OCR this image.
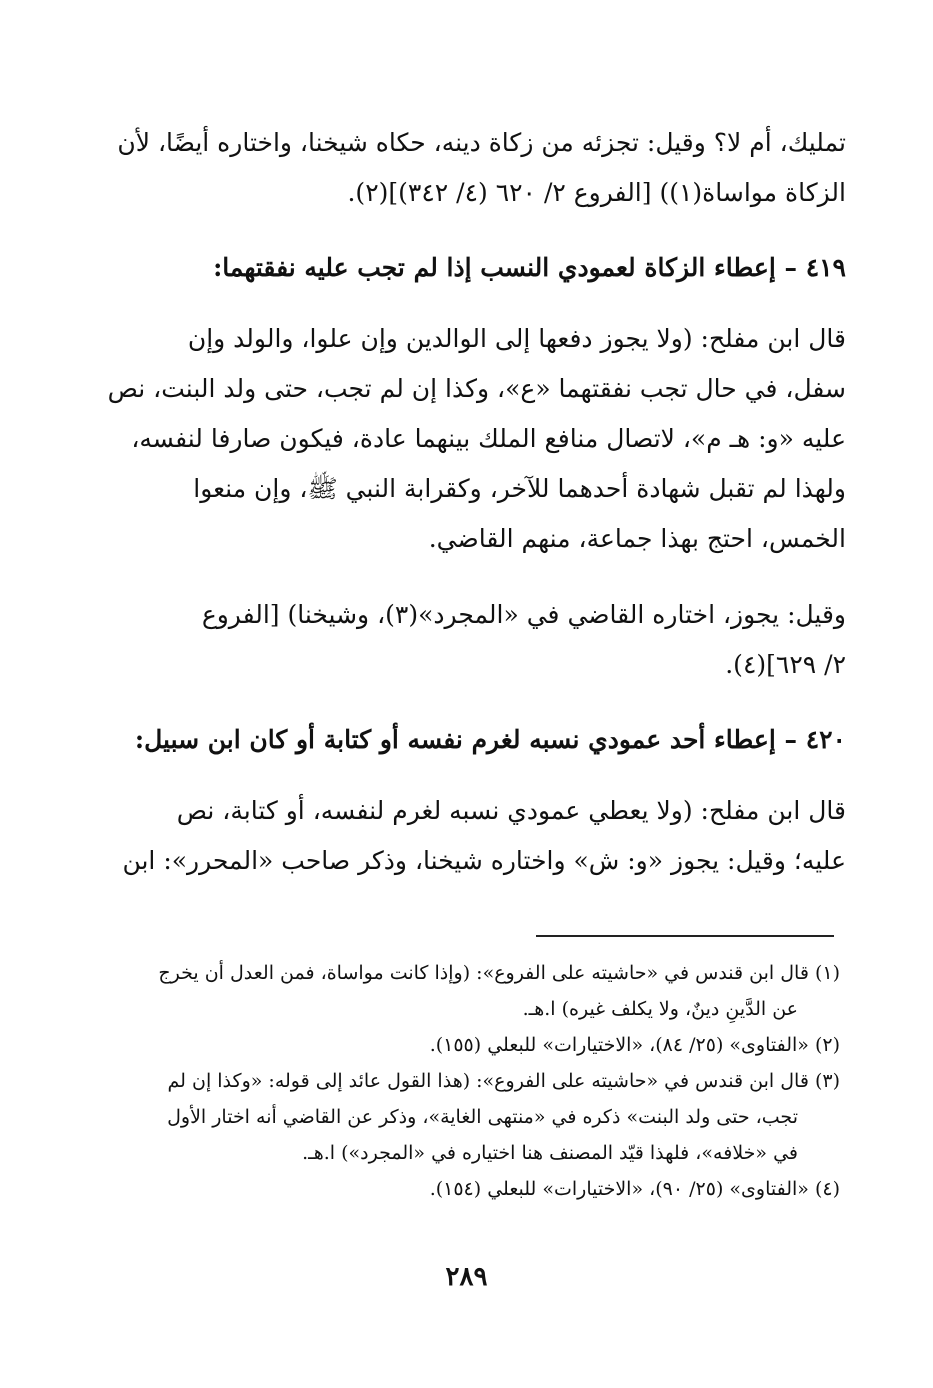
تمليك، أم لا؟ وقيل: تجزئه من زكاة دينه، حكاه شيخنا، واختاره أيضًا، لأن
الزكاة مواساة(١)) [الفروع ٢/ ٦٢٠ (٤/ ٣٤٢)](٢).
٤١٩ – إعطاء الزكاة لعمودي النسب إذا لم تجب عليه نفقتهما:
قال ابن مفلح: (ولا يجوز دفعها إلى الوالدين وإن علوا، والولد وإن
سفل، في حال تجب نفقتهما «ع»، وكذا إن لم تجب، حتى ولد البنت، نص
عليه «و: هـ م»، لاتصال منافع الملك بينهما عادة، فيكون صارفا لنفسه،
ولهذا لم تقبل شهادة أحدهما للآخر، وكقرابة النبي ﷺ، وإن منعوا
الخمس، احتج بهذا جماعة، منهم القاضي.
وقيل: يجوز، اختاره القاضي في «المجرد»(٣)، وشيخنا) [الفروع
٢/ ٦٢٩](٤).
٤٢٠ – إعطاء أحد عمودي نسبه لغرم نفسه أو كتابة أو كان ابن سبيل:
قال ابن مفلح: (ولا يعطي عمودي نسبه لغرم لنفسه، أو كتابة، نص
عليه؛ وقيل: يجوز «و: ش» واختاره شيخنا، وذكر صاحب «المحرر»: ابن
(١) قال ابن قندس في «حاشيته على الفروع»: (وإذا كانت مواساة، فمن العدل أن يخرج
عن الدَّينِ دينٌ، ولا يكلف غيره) ا.هـ.
(٢) «الفتاوى» (٢٥/ ٨٤)، «الاختيارات» للبعلي (١٥٥).
(٣) قال ابن قندس في «حاشيته على الفروع»: (هذا القول عائد إلى قوله: «وكذا إن لم
تجب، حتى ولد البنت» ذكره في «منتهى الغاية»، وذكر عن القاضي أنه اختار الأول
في «خلافه»، فلهذا قيّد المصنف هنا اختياره في «المجرد») ا.هـ.
(٤) «الفتاوى» (٢٥/ ٩٠)، «الاختيارات» للبعلي (١٥٤).
٢٨٩
